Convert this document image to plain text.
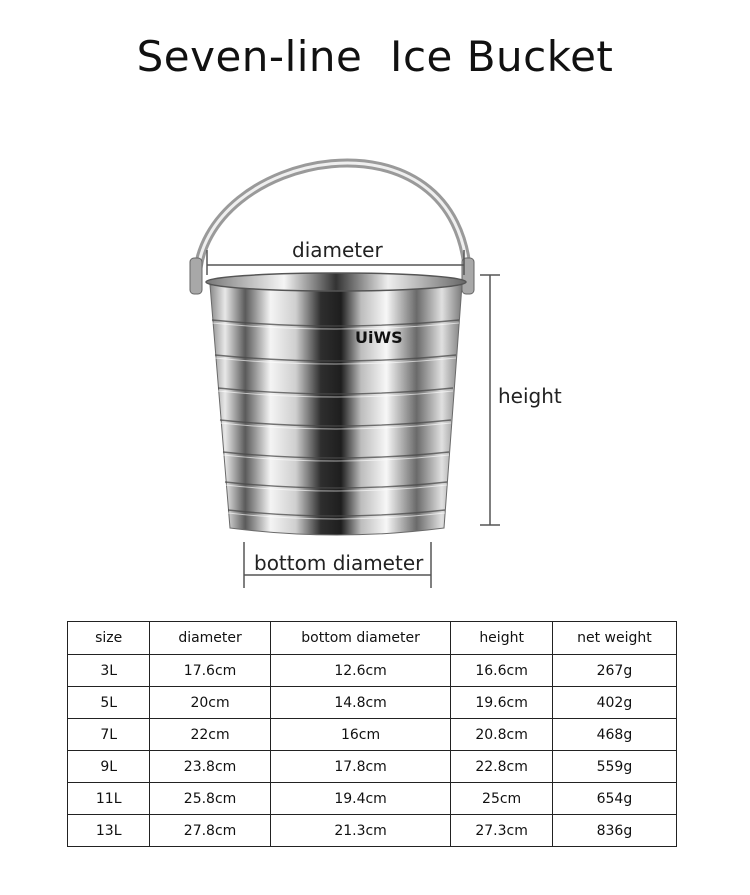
Seven-line  Ice Bucket
UiWS
diameter
height
bottom diameter
size	diameter	bottom diameter	height	net weight
3L	17.6cm	12.6cm	16.6cm	267g
5L	20cm	14.8cm	19.6cm	402g
7L	22cm	16cm	20.8cm	468g
9L	23.8cm	17.8cm	22.8cm	559g
11L	25.8cm	19.4cm	25cm	654g
13L	27.8cm	21.3cm	27.3cm	836g
